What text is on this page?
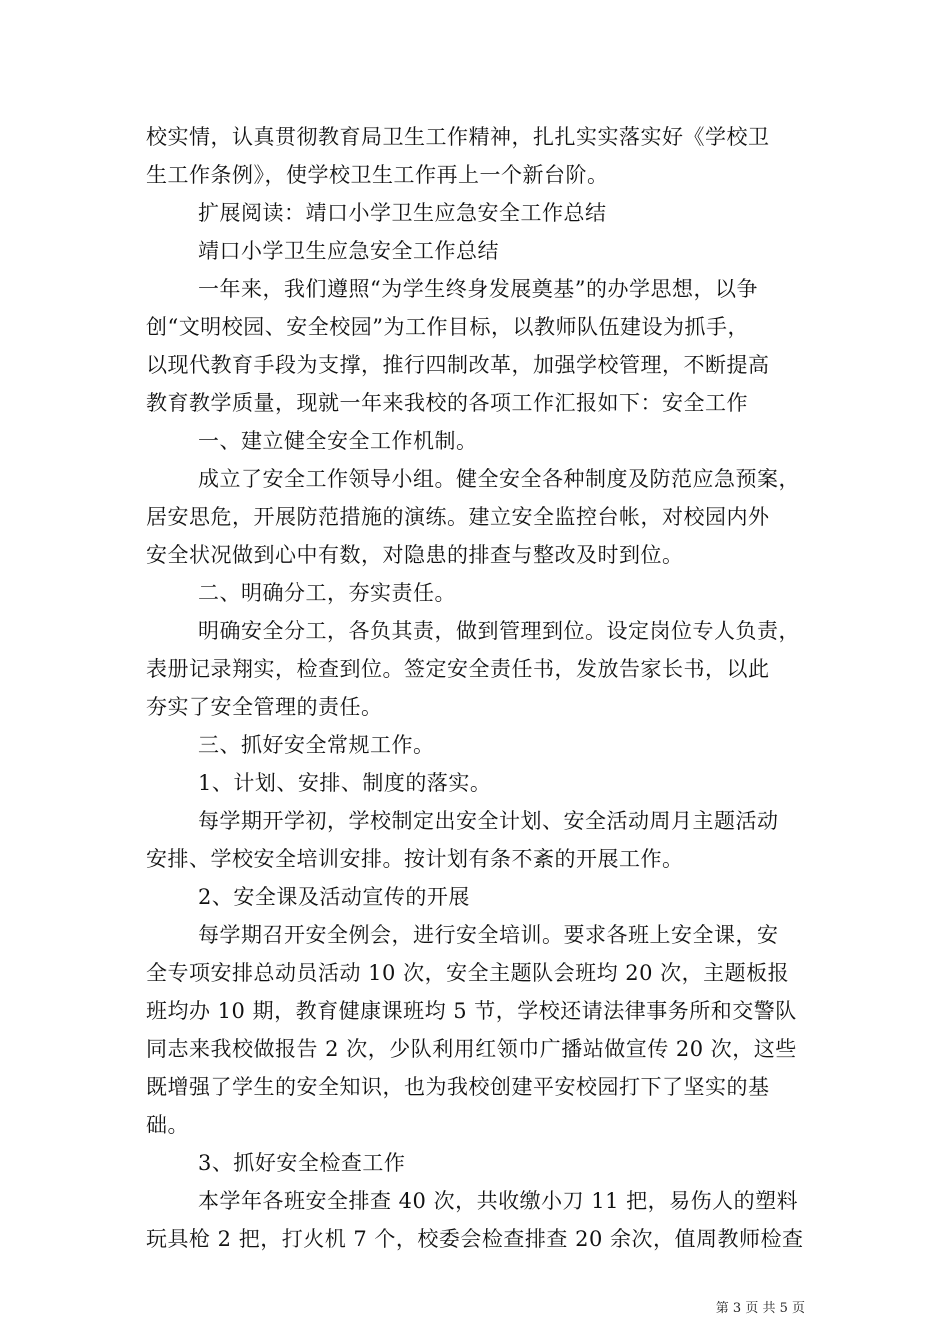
校实情，认真贯彻教育局卫生工作精神，扎扎实实落实好《学校卫
生工作条例》，使学校卫生工作再上一个新台阶。
扩展阅读：靖口小学卫生应急安全工作总结
靖口小学卫生应急安全工作总结
一年来，我们遵照“为学生终身发展奠基”的办学思想，以争
创“文明校园、安全校园”为工作目标，以教师队伍建设为抓手，
以现代教育手段为支撑，推行四制改革，加强学校管理，不断提高
教育教学质量，现就一年来我校的各项工作汇报如下：安全工作
一、建立健全安全工作机制。
成立了安全工作领导小组。健全安全各种制度及防范应急预案，
居安思危，开展防范措施的演练。建立安全监控台帐，对校园内外
安全状况做到心中有数，对隐患的排查与整改及时到位。
二、明确分工，夯实责任。
明确安全分工，各负其责，做到管理到位。设定岗位专人负责，
表册记录翔实，检查到位。签定安全责任书，发放告家长书，以此
夯实了安全管理的责任。
三、抓好安全常规工作。
1、计划、安排、制度的落实。
每学期开学初，学校制定出安全计划、安全活动周月主题活动
安排、学校安全培训安排。按计划有条不紊的开展工作。
2、安全课及活动宣传的开展
每学期召开安全例会，进行安全培训。要求各班上安全课，安
全专项安排总动员活动 10 次，安全主题队会班均 20 次，主题板报
班均办 10 期，教育健康课班均 5 节，学校还请法律事务所和交警队
同志来我校做报告 2 次，少队利用红领巾广播站做宣传 20 次，这些
既增强了学生的安全知识，也为我校创建平安校园打下了坚实的基
础。
3、抓好安全检查工作
本学年各班安全排查 40 次，共收缴小刀 11 把，易伤人的塑料
玩具枪 2 把，打火机 7 个，校委会检查排查 20 余次，值周教师检查
第 3 页 共 5 页
